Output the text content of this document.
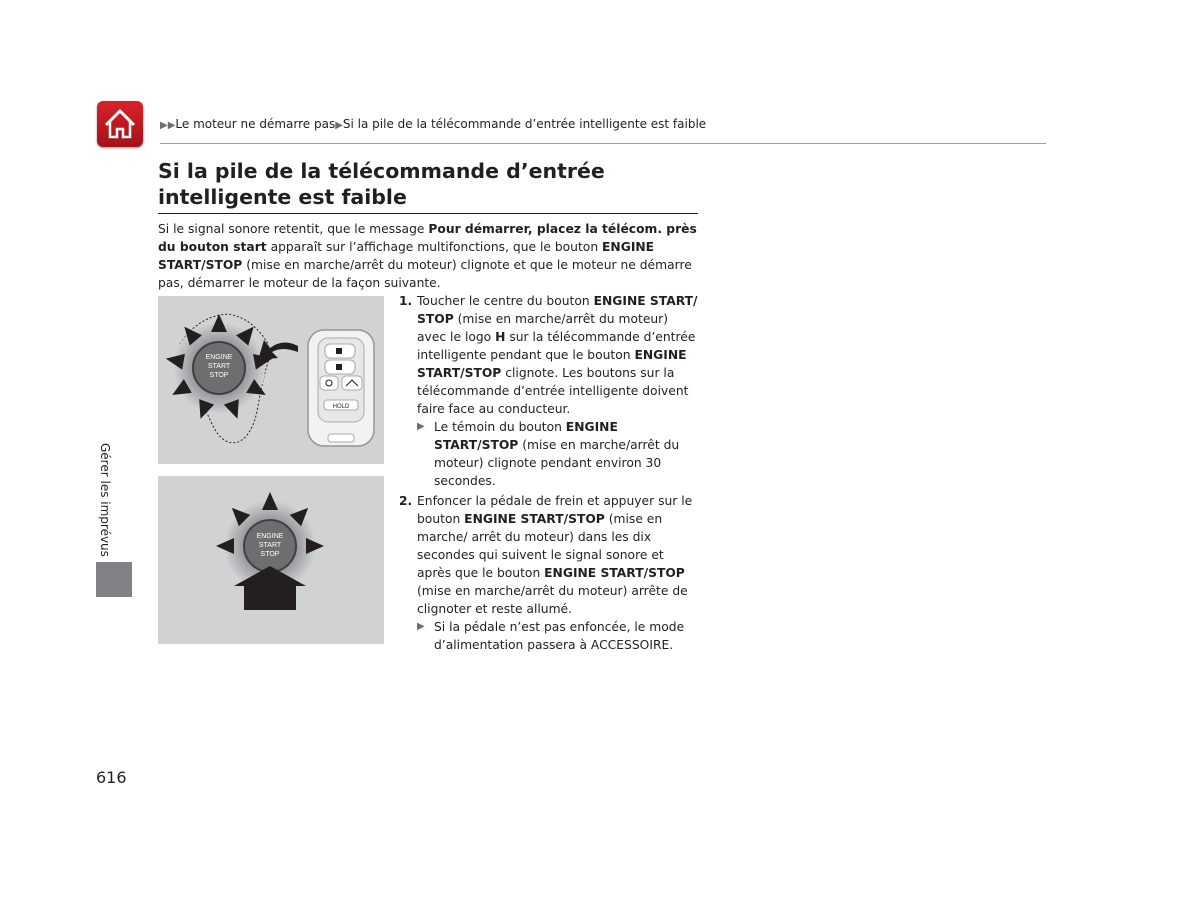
▶▶Le moteur ne démarre pas▶Si la pile de la télécommande d’entrée intelligente est faible
Gérer les imprévus
Si la pile de la télécommande d’entrée intelligente est faible
Si le signal sonore retentit, que le message Pour démarrer, placez la télécom. près du bouton start apparaît sur l’affichage multifonctions, que le bouton ENGINE START/STOP (mise en marche/arrêt du moteur) clignote et que le moteur ne démarre pas, démarrer le moteur de la façon suivante.
ENGINE
START
STOP
HOLD
ENGINE
START
STOP
1. Toucher le centre du bouton ENGINE START/ STOP (mise en marche/arrêt du moteur) avec le logo H sur la télécommande d’entrée intelligente pendant que le bouton ENGINE START/STOP clignote. Les boutons sur la télécommande d’entrée intelligente doivent faire face au conducteur.
▶ Le témoin du bouton ENGINE START/STOP (mise en marche/arrêt du moteur) clignote pendant environ 30 secondes.
2. Enfoncer la pédale de frein et appuyer sur le bouton ENGINE START/STOP (mise en marche/ arrêt du moteur) dans les dix secondes qui suivent le signal sonore et après que le bouton ENGINE START/STOP (mise en marche/arrêt du moteur) arrête de clignoter et reste allumé.
▶ Si la pédale n’est pas enfoncée, le mode d’alimentation passera à ACCESSOIRE.
616
